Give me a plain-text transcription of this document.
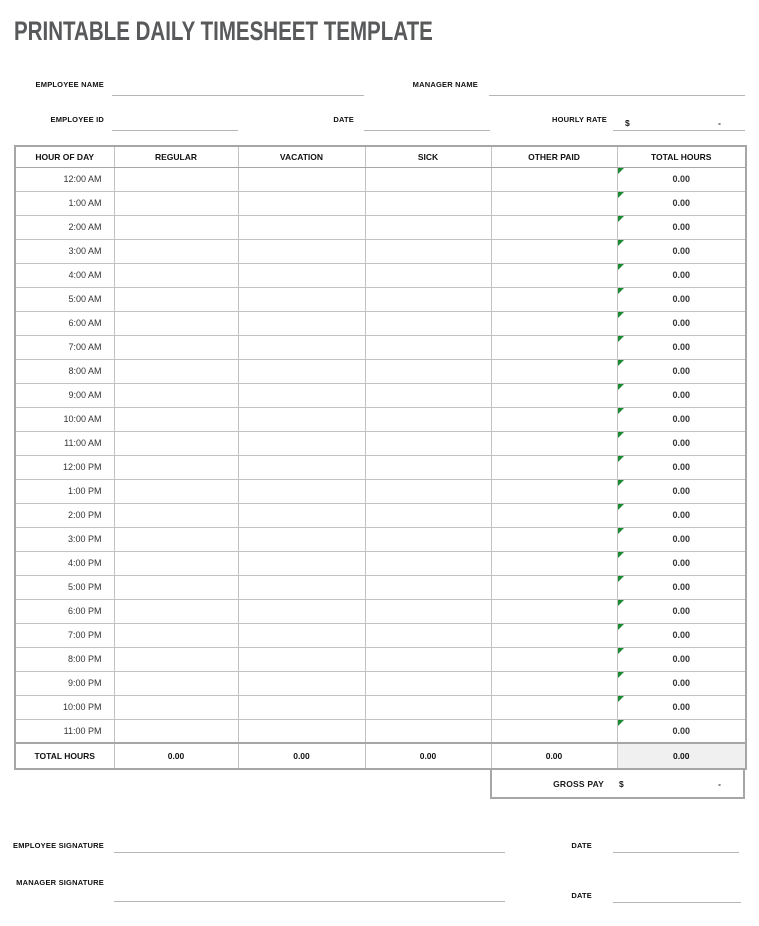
PRINTABLE DAILY TIMESHEET TEMPLATE
EMPLOYEE NAME	MANAGER NAME
EMPLOYEE ID	DATE	HOURLY RATE	$	-
HOUR OF DAY	REGULAR	VACATION	SICK	OTHER PAID	TOTAL HOURS
12:00 AM					0.00
1:00 AM					0.00
2:00 AM					0.00
3:00 AM					0.00
4:00 AM					0.00
5:00 AM					0.00
6:00 AM					0.00
7:00 AM					0.00
8:00 AM					0.00
9:00 AM					0.00
10:00 AM					0.00
11:00 AM					0.00
12:00 PM					0.00
1:00 PM					0.00
2:00 PM					0.00
3:00 PM					0.00
4:00 PM					0.00
5:00 PM					0.00
6:00 PM					0.00
7:00 PM					0.00
8:00 PM					0.00
9:00 PM					0.00
10:00 PM					0.00
11:00 PM					0.00
TOTAL HOURS	0.00	0.00	0.00	0.00	0.00
GROSS PAY $	-
EMPLOYEE SIGNATURE	DATE
MANAGER SIGNATURE
DATE
